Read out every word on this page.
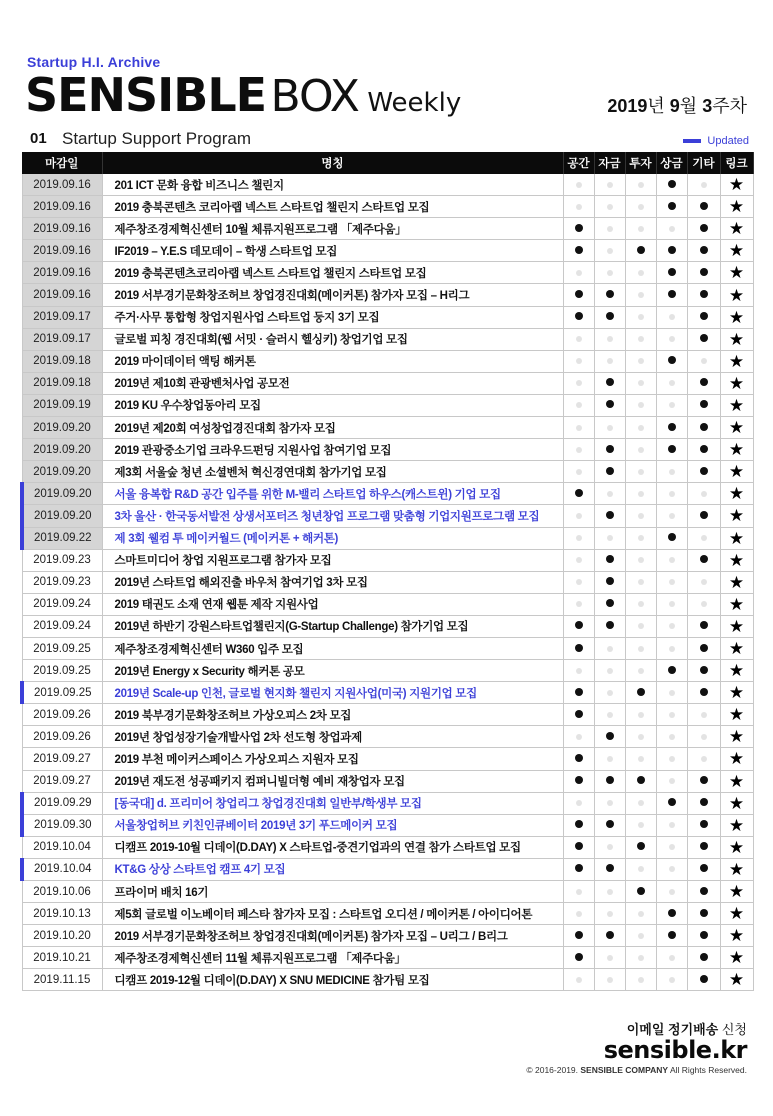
Startup H.I. Archive
SENSIBLE BOX Weekly	2019년 9월 3주차
01 Startup Support Program	Updated
마감일	명칭	공간	자금	투자	상금	기타	링크
2019.09.16	201 ICT 문화 융합 비즈니스 챌린지						★
2019.09.16	2019 충북콘텐츠 코리아랩 넥스트 스타트업 챌린지 스타트업 모집						★
2019.09.16	제주창조경제혁신센터 10월 체류지원프로그램 「제주다움」						★
2019.09.16	IF2019 – Y.E.S 데모데이 – 학생 스타트업 모집						★
2019.09.16	2019 충북콘텐츠코리아랩 넥스트 스타트업 챌린지 스타트업 모집						★
2019.09.16	2019 서부경기문화창조허브 창업경진대회(메이커톤) 참가자 모집 – H리그						★
2019.09.17	주거·사무 통합형 창업지원사업 스타트업 둥지 3기 모집						★
2019.09.17	글로벌 피칭 경진대회(웹 서밋 · 슬러시 헬싱키) 창업기업 모집						★
2019.09.18	2019 마이데이터 액팅 해커톤						★
2019.09.18	2019년 제10회 관광벤처사업 공모전						★
2019.09.19	2019 KU 우수창업동아리 모집						★
2019.09.20	2019년 제20회 여성창업경진대회 참가자 모집						★
2019.09.20	2019 관광중소기업 크라우드펀딩 지원사업 참여기업 모집						★
2019.09.20	제3회 서울숲 청년 소셜벤처 혁신경연대회 참가기업 모집						★
2019.09.20	서울 융복합 R&D 공간 입주를 위한 M-밸리 스타트업 하우스(캐스트윈) 기업 모집						★
2019.09.20	3차 울산 · 한국동서발전 상생서포터즈 청년창업 프로그램 맞춤형 기업지원프로그램 모집						★
2019.09.22	제 3회 웰컴 투 메이커월드 (메이커톤 + 해커톤)						★
2019.09.23	스마트미디어 창업 지원프로그램 참가자 모집						★
2019.09.23	2019년 스타트업 해외진출 바우처 참여기업 3차 모집						★
2019.09.24	2019 태권도 소재 연재 웹툰 제작 지원사업						★
2019.09.24	2019년 하반기 강원스타트업챌린지(G-Startup Challenge) 참가기업 모집						★
2019.09.25	제주창조경제혁신센터 W360 입주 모집						★
2019.09.25	2019년 Energy x Security 해커톤 공모						★
2019.09.25	2019년 Scale-up 인천, 글로벌 현지화 챌린지 지원사업(미국) 지원기업 모집						★
2019.09.26	2019 북부경기문화창조허브 가상오피스 2차 모집						★
2019.09.26	2019년 창업성장기술개발사업 2차 선도형 창업과제						★
2019.09.27	2019 부천 메이커스페이스 가상오피스 지원자 모집						★
2019.09.27	2019년 재도전 성공패키지 컴퍼니빌더형 예비 재창업자 모집						★
2019.09.29	[동국대] d. 프리미어 창업리그 창업경진대회 일반부/학생부 모집						★
2019.09.30	서울창업허브 키친인큐베이터 2019년 3기 푸드메이커 모집						★
2019.10.04	디캠프 2019-10월 디데이(D.DAY) X 스타트업-중견기업과의 연결 참가 스타트업 모집						★
2019.10.04	KT&G 상상 스타트업 캠프 4기 모집						★
2019.10.06	프라이머 배치 16기						★
2019.10.13	제5회 글로벌 이노베이터 페스타 참가자 모집 : 스타트업 오디션 / 메이커톤 / 아이디어톤						★
2019.10.20	2019 서부경기문화창조허브 창업경진대회(메이커톤) 참가자 모집 – U리그 / B리그						★
2019.10.21	제주창조경제혁신센터 11월 체류지원프로그램 「제주다움」						★
2019.11.15	디캠프 2019-12월 디데이(D.DAY) X SNU MEDICINE 참가팀 모집						★
이메일 정기배송 신청
sensible.kr
© 2016-2019. SENSIBLE COMPANY All Rights Reserved.
